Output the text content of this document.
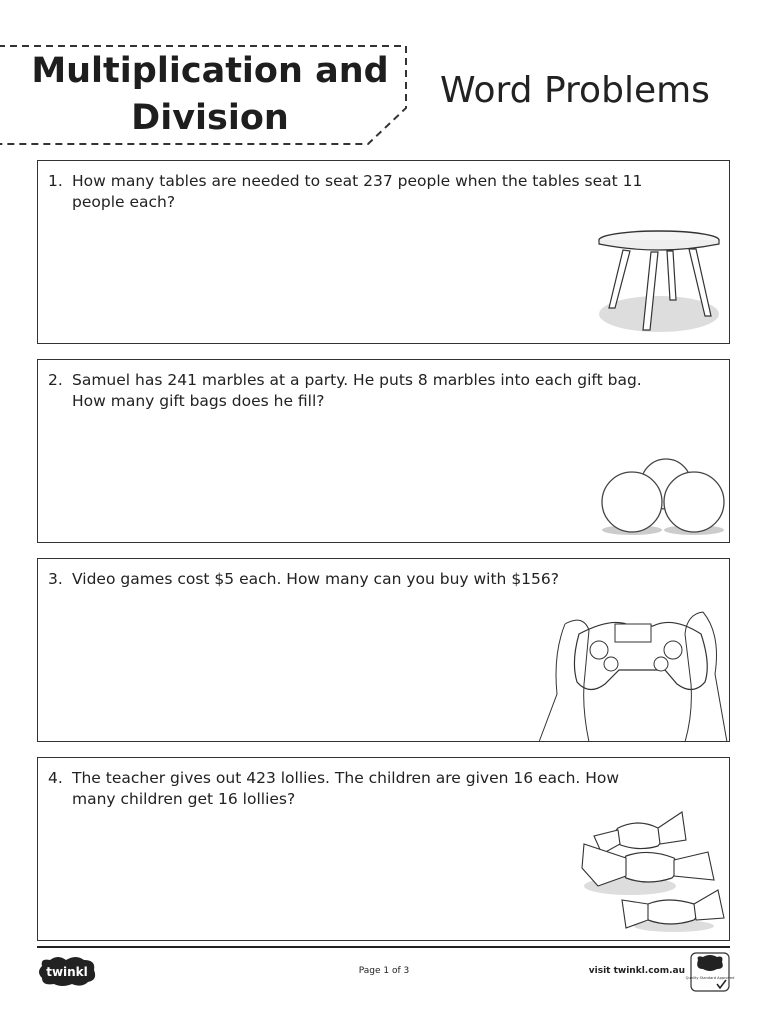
Multiplication and Division
Word Problems
1. How many tables are needed to seat 237 people when the tables seat 11 people each?
2. Samuel has 241 marbles at a party. He puts 8 marbles into each gift bag. How many gift bags does he fill?
3. Video games cost $5 each. How many can you buy with $156?
4. The teacher gives out 423 lollies. The children are given 16 each. How many children get 16 lollies?
twinkl	Page 1 of 3	visit twinkl.com.au
Quality Standard Approved
